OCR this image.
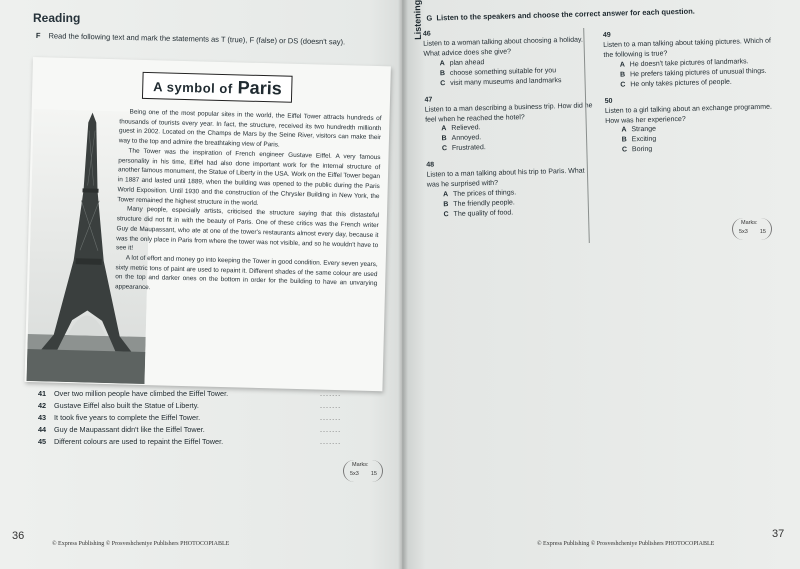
Reading
F Read the following text and mark the statements as T (true), F (false) or DS (doesn't say).
A symbol of Paris

Being one of the most popular sites in the world, the Eiffel Tower attracts hundreds of thousands of tourists every year. In fact, the structure, received its two hundredth millionth guest in 2002. Located on the Champs de Mars by the Seine River, visitors can make their way to the top and admire the breathtaking view of Paris.

The Tower was the inspiration of French engineer Gustave Eiffel. A very famous personality in his time, Eiffel had also done important work for the internal structure of another famous monument, the Statue of Liberty in the USA. Work on the Eiffel Tower began in 1887 and lasted until 1889, when the building was opened to the public during the Paris World Exposition. Until 1930 and the construction of the Chrysler Building in New York, the Tower remained the highest structure in the world.

Many people, especially artists, criticised the structure saying that this distasteful structure did not fit in with the beauty of Paris. One of these critics was the French writer Guy de Maupassant, who ate at one of the tower's restaurants almost every day, because it was the only place in Paris from where the tower was not visible, and so he wouldn't have to see it!

A lot of effort and money go into keeping the Tower in good condition. Every seven years, sixty metric tons of paint are used to repaint it. Different shades of the same colour are used on the top and darker ones on the bottom in order for the building to have an unvarying appearance.

41	Over two million people have climbed the Eiffel Tower.	.......
42	Gustave Eiffel also built the Statue of Liberty.	.......
43	It took five years to complete the Eiffel Tower.	.......
44	Guy de Maupassant didn't like the Eiffel Tower.	.......
45	Different colours are used to repaint the Eiffel Tower.	.......
Marks:
5x3 15
36
© Express Publishing © Prosveshcheniye Publishers PHOTOCOPIABLE
Listening G Listen to the speakers and choose the correct answer for each question.
46Listen to a woman talking about choosing a holiday. What advice does she give?
A plan ahead
B choose something suitable for you
C visit many museums and landmarks
47Listen to a man describing a business trip. How did he feel when he reached the hotel?
A Relieved.
B Annoyed.
C Frustrated.
48Listen to a man talking about his trip to Paris. What was he surprised with?
A The prices of things.
B The friendly people.
C The quality of food.
49Listen to a man talking about taking pictures. Which of the following is true?
A He doesn't take pictures of landmarks.
B He prefers taking pictures of unusual things.
C He only takes pictures of people.
50Listen to a girl talking about an exchange programme. How was her experience?
A Strange
B Exciting
C Boring
Marks:
5x3 15
37
© Express Publishing © Prosveshcheniye Publishers PHOTOCOPIABLE
